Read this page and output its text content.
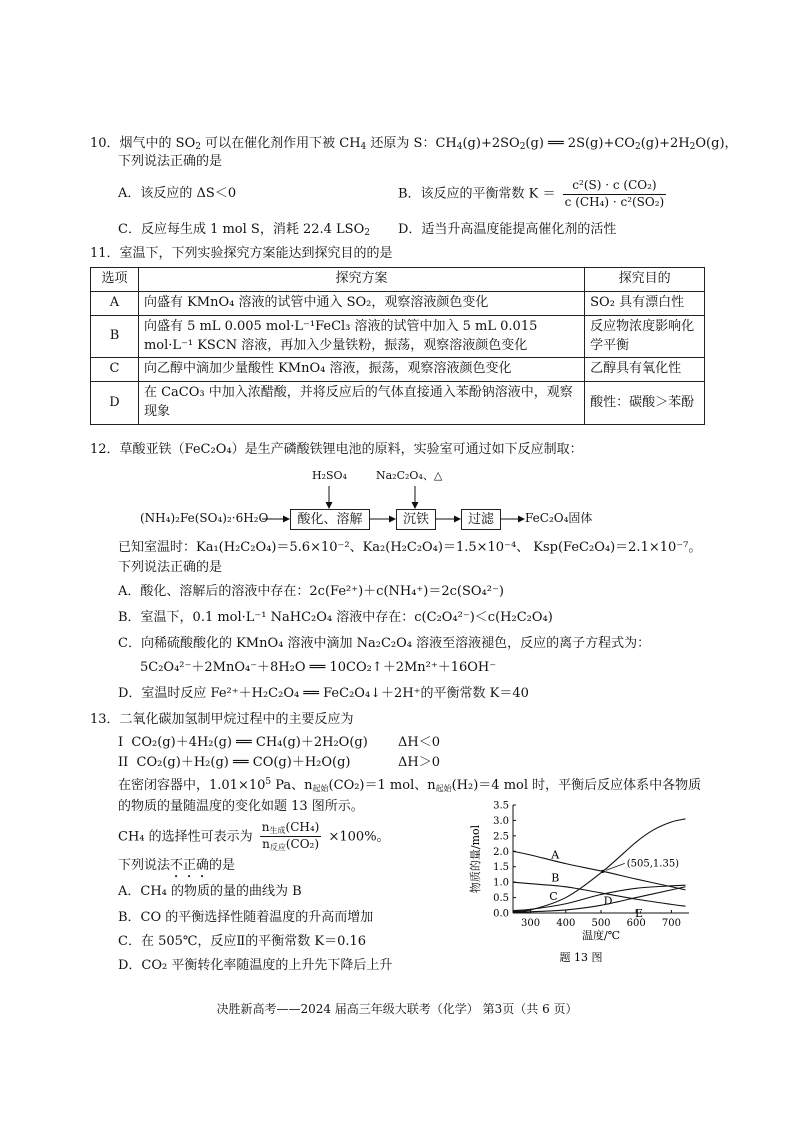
10．烟气中的 $SO_2$ 可以在催化剂作用下被 $CH_4$ 还原为 S：$CH_4(g)+2SO_2(g)$ ══ $2S(g)+CO_2(g)+2H_2O(g)$，
下列说法正确的是
A．该反应的 ΔS＜0	B．该反应的平衡常数 $K = \frac{\text{c²(S) · c (CO₂)}}{\text{c (CH₄) · c²(SO₂)}}$
C．反应每生成 1 mol S，消耗 22.4 $LSO_2$ D．适当升高温度能提高催化剂的活性
11．室温下，下列实验探究方案能达到探究目的的是
选项	探究方案	探究目的
A	向盛有 KMnO₄ 溶液的试管中通入 SO₂，观察溶液颜色变化	SO₂ 具有漂白性
B	向盛有 5 mL 0.005 mol·L⁻¹FeCl₃ 溶液的试管中加入 5 mL 0.015 mol·L⁻¹ KSCN 溶液，再加入少量铁粉，振荡，观察溶液颜色变化	反应物浓度影响化学平衡
C	向乙醇中滴加少量酸性 KMnO₄ 溶液，振荡，观察溶液颜色变化	乙醇具有氧化性
D	在 CaCO₃ 中加入浓醋酸，并将反应后的气体直接通入苯酚钠溶液中，观察现象	酸性：碳酸＞苯酚
12．草酸亚铁（FeC₂O₄）是生产磷酸铁锂电池的原料，实验室可通过如下反应制取：
H₂SO₄	Na₂C₂O₄、△
(NH₄)₂Fe(SO₄)₂·6H₂O	酸化、溶解	沉铁	过滤	FeC₂O₄固体
已知室温时：Ka₁(H₂C₂O₄)＝5.6×10⁻²、Ka₂(H₂C₂O₄)＝1.5×10⁻⁴、 Ksp(FeC₂O₄)＝2.1×10⁻⁷。
下列说法正确的是
A．酸化、溶解后的溶液中存在：2c(Fe²⁺)＋c(NH₄⁺)＝2c(SO₄²⁻)
B．室温下，0.1 mol·L⁻¹ NaHC₂O₄ 溶液中存在：c(C₂O₄²⁻)＜c(H₂C₂O₄)
C．向稀硫酸酸化的 KMnO₄ 溶液中滴加 Na₂C₂O₄ 溶液至溶液褪色，反应的离子方程式为：
5C₂O₄²⁻＋2MnO₄⁻＋8H₂O ══ 10CO₂↑＋2Mn²⁺＋16OH⁻
D．室温时反应 Fe²⁺＋H₂C₂O₄ ══ FeC₂O₄↓＋2H⁺的平衡常数 K＝40
13．二氧化碳加氢制甲烷过程中的主要反应为
I CO₂(g)＋4H₂(g) ══ CH₄(g)＋2H₂O(g) ΔH＜0
II CO₂(g)＋H₂(g) ══ CO(g)＋H₂O(g)	ΔH＞0
在密闭容器中，$1.01\times 10^5$ Pa、$n_{起始}(CO_2)=1$ mol、$n_{起始}(H_2)=4$ mol 时，平衡后反应体系中各物质
的物质的量随温度的变化如题 13 图所示。
CH₄ 的选择性可表示为 $\frac{n_{生成}(CH_4)}{n_{反应}(CO_2)} \times 100\%$。
下列说法不正确的是
A．CH₄ 的物质的量的曲线为 B
B．CO 的平衡选择性随着温度的升高而增加
C．在 505℃，反应Ⅱ的平衡常数 K＝0.16
D．CO₂ 平衡转化率随温度的上升先下降后上升
0.0
0.5
1.0
1.5
2.0
2.5
3.0
3.5
300 400 500 600 700
温度/℃
物质的量/mol	A
B
C	D
E
(505,1.35)
题 13 图
决胜新高考——2024 届高三年级大联考（化学） 第3页（共 6 页）
